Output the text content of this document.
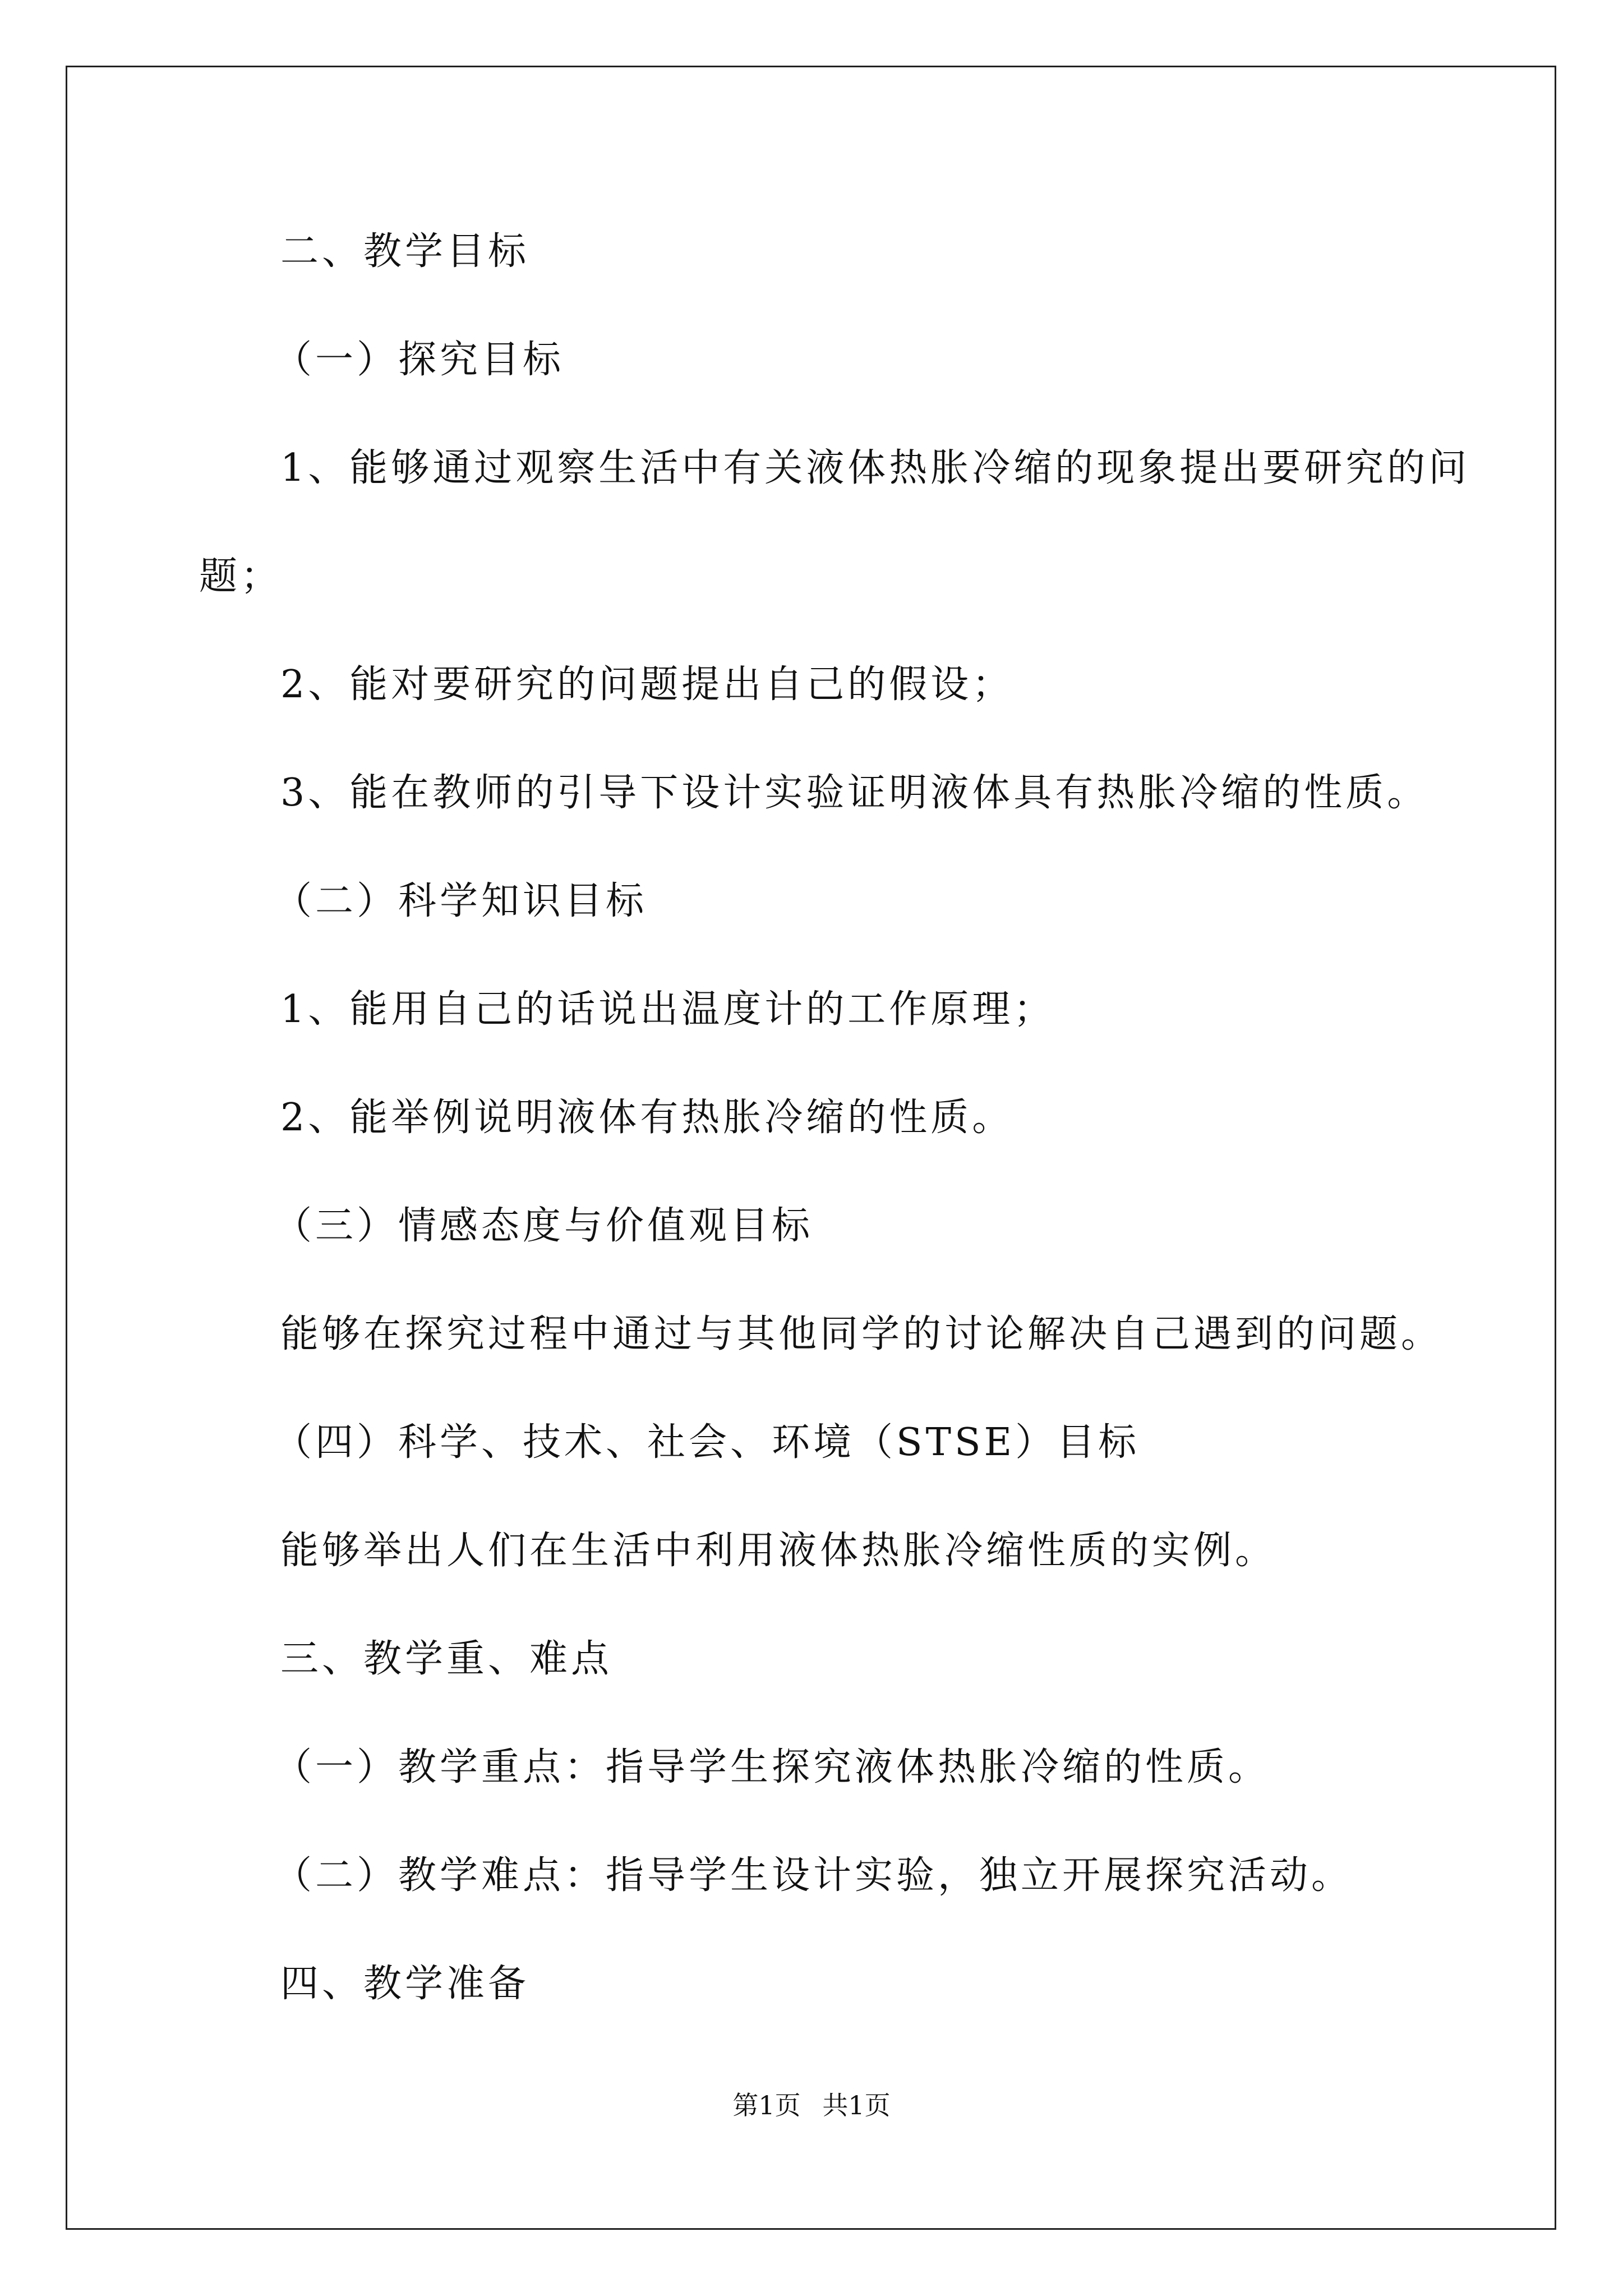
二、教学目标
（一）探究目标
1、能够通过观察生活中有关液体热胀冷缩的现象提出要研究的问
题；
2、能对要研究的问题提出自己的假设；
3、能在教师的引导下设计实验证明液体具有热胀冷缩的性质。
（二）科学知识目标
1、能用自己的话说出温度计的工作原理；
2、能举例说明液体有热胀冷缩的性质。
（三）情感态度与价值观目标
能够在探究过程中通过与其他同学的讨论解决自己遇到的问题。
（四）科学、技术、社会、环境（STSE）目标
能够举出人们在生活中利用液体热胀冷缩性质的实例。
三、教学重、难点
（一）教学重点：指导学生探究液体热胀冷缩的性质。
（二）教学难点：指导学生设计实验，独立开展探究活动。
四、教学准备
第1页 共1页
